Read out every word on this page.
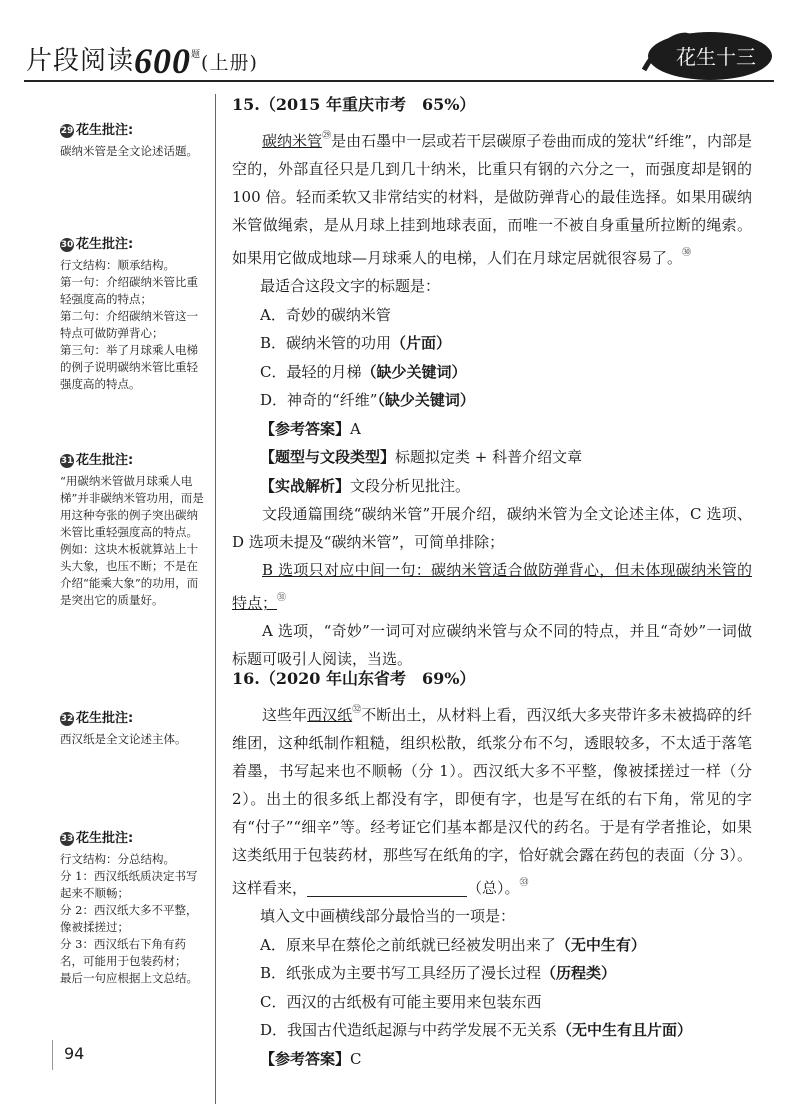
片段阅读$600^题$(上册)	花生十三
29 花生批注:
碳纳米管是全文论述话题。
30 花生批注:
行文结构：顺承结构。
第一句：介绍碳纳米管比重轻强度高的特点；
第二句：介绍碳纳米管这一特点可做防弹背心；
第三句：举了月球乘人电梯的例子说明碳纳米管比重轻强度高的特点。
31 花生批注:
“用碳纳米管做月球乘人电梯”并非碳纳米管功用，而是用这种夸张的例子突出碳纳米管比重轻强度高的特点。
例如：这块木板就算站上十头大象，也压不断；不是在介绍“能乘大象”的功用，而是突出它的质量好。
32 花生批注:
西汉纸是全文论述主体。
33 花生批注:
行文结构：分总结构。
分 1：西汉纸纸质决定书写起来不顺畅；
分 2：西汉纸大多不平整，像被揉搓过；
分 3：西汉纸右下角有药名，可能用于包装药材；
最后一句应根据上文总结。
15.（2015 年重庆市考　65%）

碳纳米管$^㉙$是由石墨中一层或若干层碳原子卷曲而成的笼状“纤维”，内部是空的，外部直径只是几到几十纳米，比重只有钢的六分之一，而强度却是钢的 100 倍。轻而柔软又非常结实的材料，是做防弹背心的最佳选择。如果用碳纳米管做绳索，是从月球上挂到地球表面，而唯一不被自身重量所拉断的绳索。如果用它做成地球—月球乘人的电梯，人们在月球定居就很容易了。$^㉚$

最适合这段文字的标题是：
A．奇妙的碳纳米管
B．碳纳米管的功用（片面）
C．最轻的月梯（缺少关键词）
D．神奇的“纤维”（缺少关键词）
【参考答案】A
【题型与文段类型】标题拟定类 + 科普介绍文章
【实战解析】文段分析见批注。

文段通篇围绕“碳纳米管”开展介绍，碳纳米管为全文论述主体，C 选项、D 选项未提及“碳纳米管”，可简单排除；

B 选项只对应中间一句：碳纳米管适合做防弹背心，但未体现碳纳米管的特点；$^㉛$

A 选项，“奇妙”一词可对应碳纳米管与众不同的特点，并且“奇妙”一词做标题可吸引人阅读，当选。

16.（2020 年山东省考　69%）

这些年西汉纸$^㉜$不断出土，从材料上看，西汉纸大多夹带许多未被捣碎的纤维团，这种纸制作粗糙，组织松散，纸浆分布不匀，透眼较多，不太适于落笔着墨，书写起来也不顺畅（分 1）。西汉纸大多不平整，像被揉搓过一样（分 2）。出土的很多纸上都没有字，即便有字，也是写在纸的右下角，常见的字有“付子”“细辛”等。经考证它们基本都是汉代的药名。于是有学者推论，如果这类纸用于包装药材，那些写在纸角的字，恰好就会露在药包的表面（分 3）。这样看来，	（总）。$^㉝$

填入文中画横线部分最恰当的一项是：
A．原来早在蔡伦之前纸就已经被发明出来了（无中生有）
B．纸张成为主要书写工具经历了漫长过程（历程类）
C．西汉的古纸极有可能主要用来包装东西
D．我国古代造纸起源与中药学发展不无关系（无中生有且片面）
【参考答案】C
94
